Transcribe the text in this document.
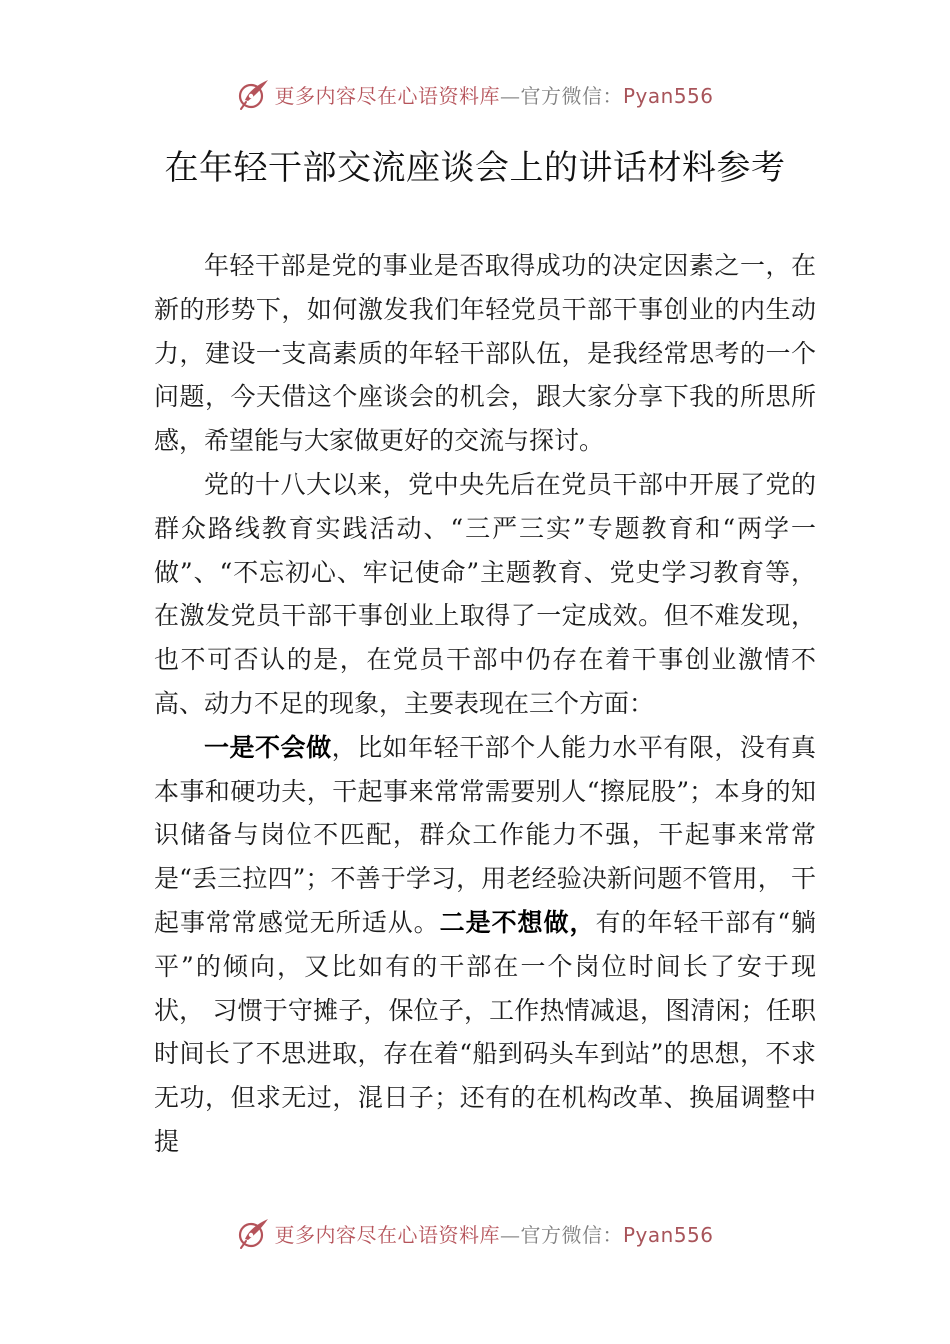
更多内容尽在心语资料库—官方微信：Pyan556
在年轻干部交流座谈会上的讲话材料参考

年轻干部是党的事业是否取得成功的决定因素之一，在新的形势下，如何激发我们年轻党员干部干事创业的内生动力，建设一支高素质的年轻干部队伍，是我经常思考的一个问题，今天借这个座谈会的机会，跟大家分享下我的所思所感，希望能与大家做更好的交流与探讨。

党的十八大以来，党中央先后在党员干部中开展了党的群众路线教育实践活动、“三严三实”专题教育和“两学一做”、“不忘初心、牢记使命”主题教育、党史学习教育等，在激发党员干部干事创业上取得了一定成效。但不难发现，也不可否认的是，在党员干部中仍存在着干事创业激情不高、动力不足的现象，主要表现在三个方面：

一是不会做，比如年轻干部个人能力水平有限，没有真本事和硬功夫，干起事来常常需要别人“擦屁股”；本身的知识储备与岗位不匹配，群众工作能力不强，干起事来常常是“丢三拉四”；不善于学习，用老经验决新问题不管用， 干起事常常感觉无所适从。二是不想做，有的年轻干部有“躺平”的倾向，又比如有的干部在一个岗位时间长了安于现状， 习惯于守摊子，保位子，工作热情减退，图清闲；任职时间长了不思进取，存在着“船到码头车到站”的思想，不求无功，但求无过，混日子；还有的在机构改革、换届调整中提

更多内容尽在心语资料库—官方微信：Pyan556
